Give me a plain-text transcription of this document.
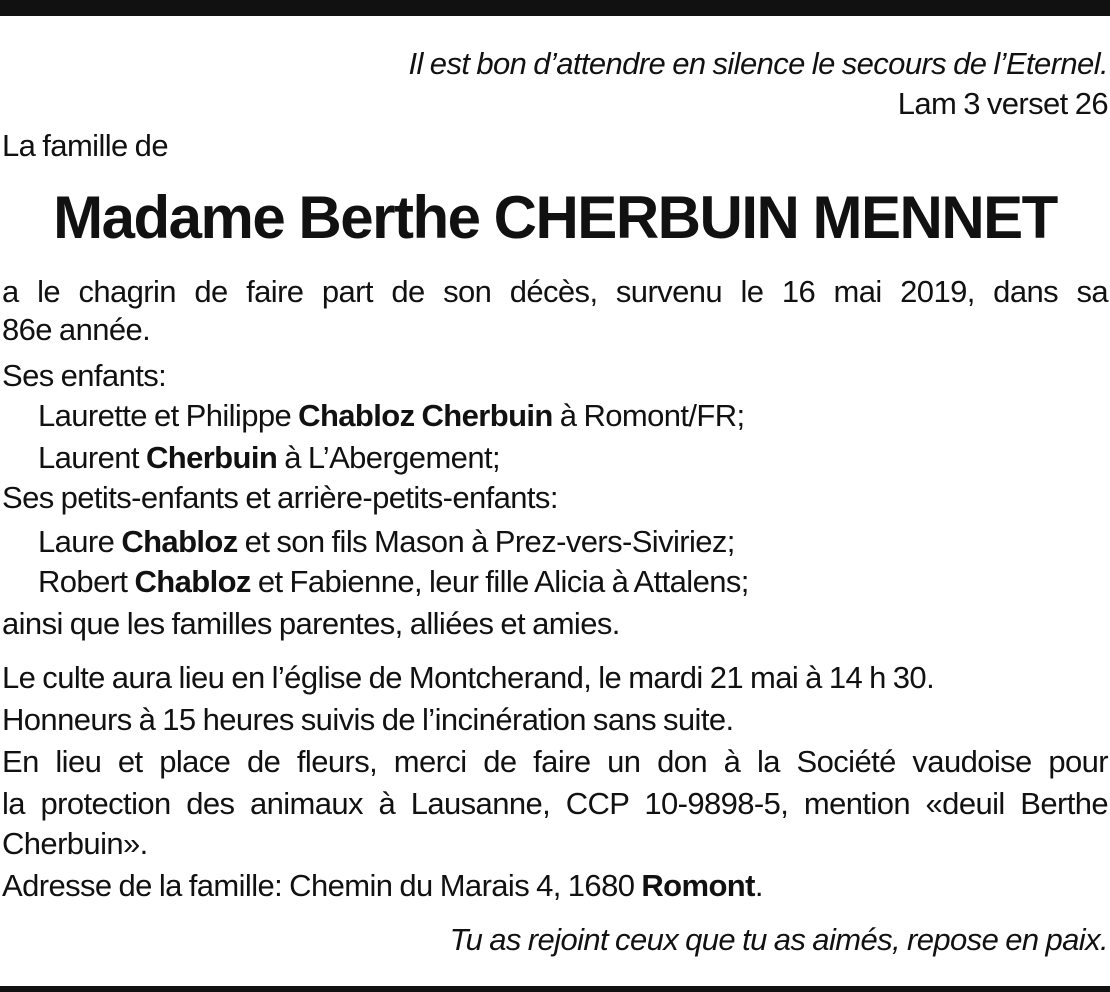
Il est bon d’attendre en silence le secours de l’Eternel.
Lam 3 verset 26
La famille de
Madame Berthe CHERBUIN MENNET
a le chagrin de faire part de son décès, survenu le 16 mai 2019, dans sa
86e année.
Ses enfants:
Laurette et Philippe Chabloz Cherbuin à Romont/FR;
Laurent Cherbuin à L’Abergement;
Ses petits-enfants et arrière-petits-enfants:
Laure Chabloz et son fils Mason à Prez-vers-Siviriez;
Robert Chabloz et Fabienne, leur fille Alicia à Attalens;
ainsi que les familles parentes, alliées et amies.
Le culte aura lieu en l’église de Montcherand, le mardi 21 mai à 14 h 30.
Honneurs à 15 heures suivis de l’incinération sans suite.
En lieu et place de fleurs, merci de faire un don à la Société vaudoise pour
la protection des animaux à Lausanne, CCP 10-9898-5, mention «deuil Berthe
Cherbuin».
Adresse de la famille: Chemin du Marais 4, 1680 Romont.
Tu as rejoint ceux que tu as aimés, repose en paix.
